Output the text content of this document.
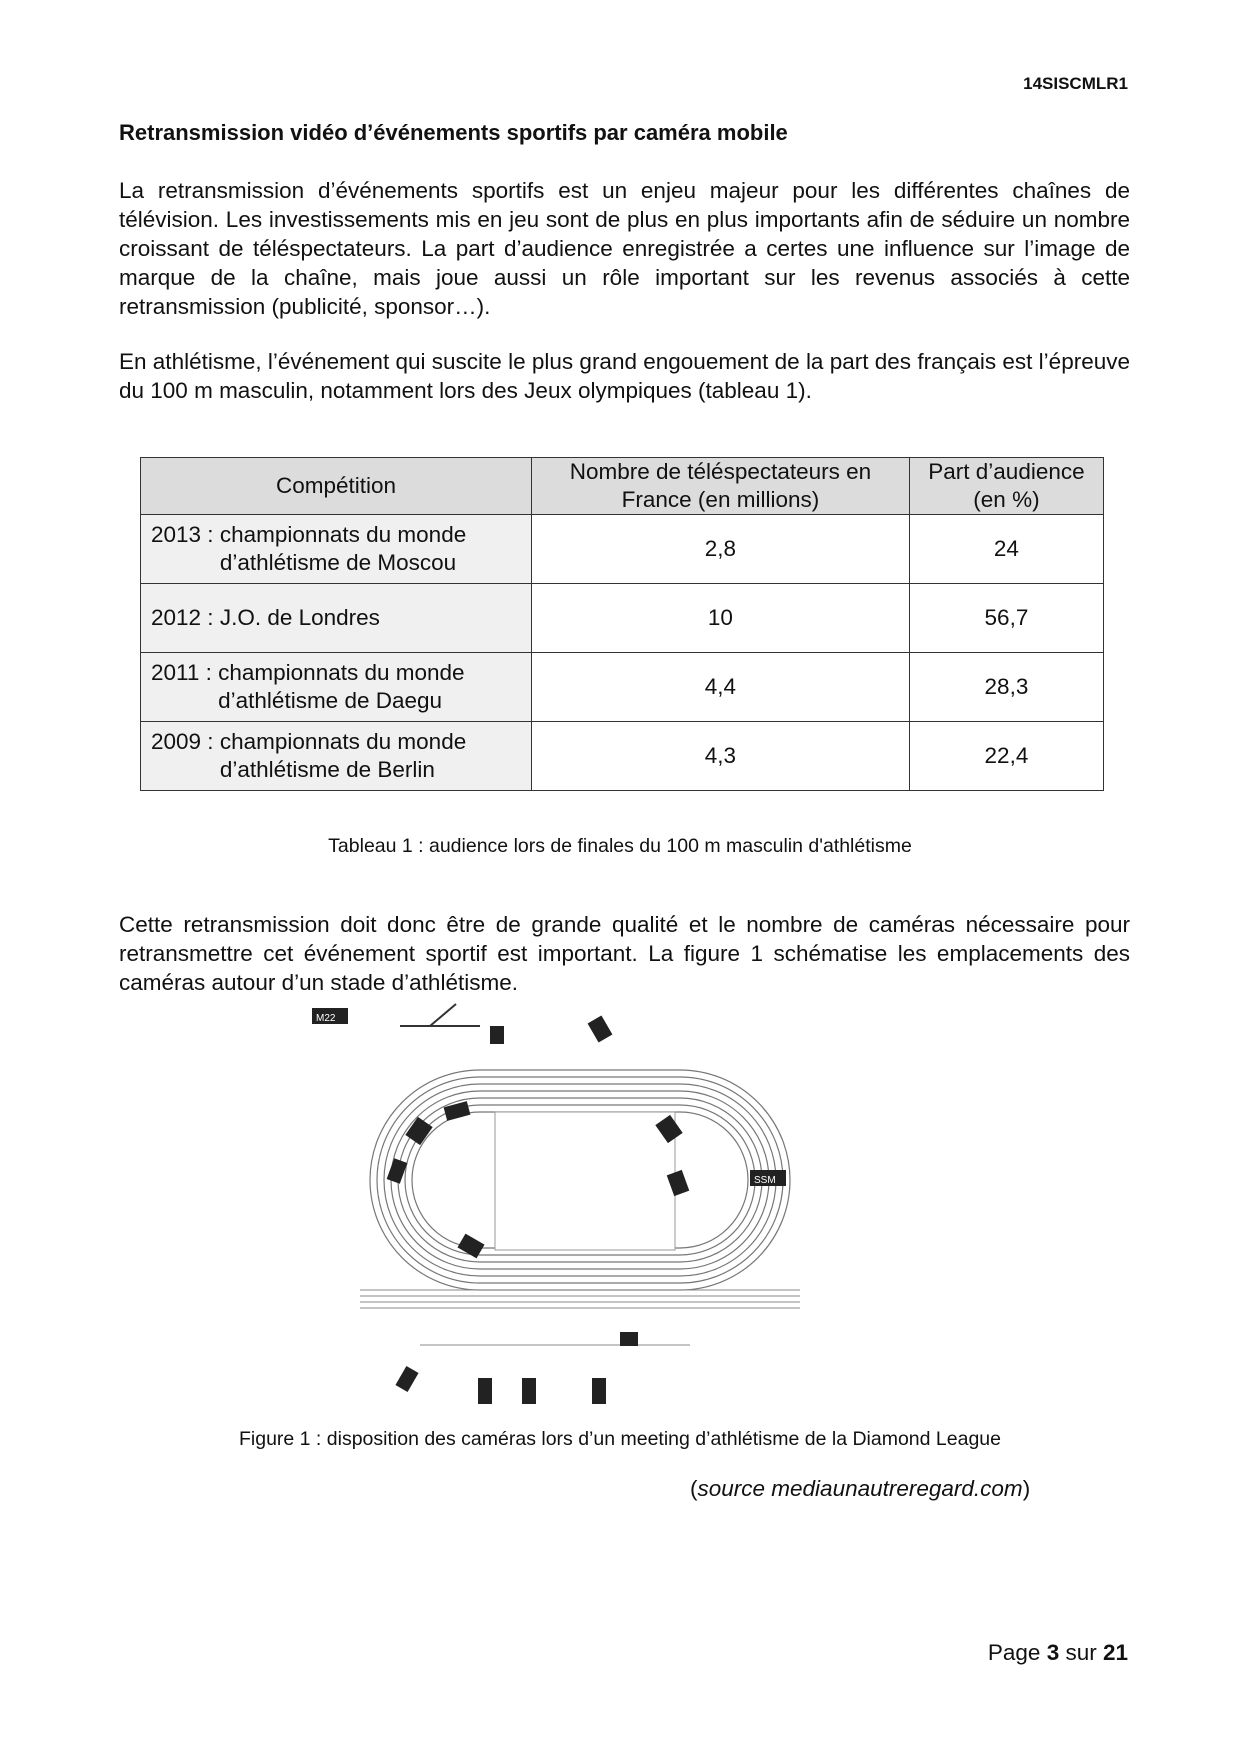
14SISCMLR1
Retransmission vidéo d’événements sportifs par caméra mobile
La retransmission d’événements sportifs est un enjeu majeur pour les différentes chaînes de télévision. Les investissements mis en jeu sont de plus en plus importants afin de séduire un nombre croissant de téléspectateurs. La part d’audience enregistrée a certes une influence sur l’image de marque de la chaîne, mais joue aussi un rôle important sur les revenus associés à cette retransmission (publicité, sponsor…).
En athlétisme, l’événement qui suscite le plus grand engouement de la part des français est l’épreuve du 100 m masculin, notamment lors des Jeux olympiques (tableau 1).
Compétition	Nombre de téléspectateurs en France (en millions)	Part d’audience (en %)

2013 : championnats du monde d’athlétisme de Moscou	2,8	24

2012 : J.O. de Londres	10	56,7

2011 : championnats du monde d’athlétisme de Daegu	4,4	28,3

2009 : championnats du monde d’athlétisme de Berlin	4,3	22,4
Tableau 1 : audience lors de finales du 100 m masculin d'athlétisme
Cette retransmission doit donc être de grande qualité et le nombre de caméras nécessaire pour retransmettre cet événement sportif est important. La figure 1 schématise les emplacements des caméras autour d’un stade d’athlétisme.
M22
SSM
Figure 1 : disposition des caméras lors d’un meeting d’athlétisme de la Diamond League
(source mediaunautreregard.com)
Page 3 sur 21
